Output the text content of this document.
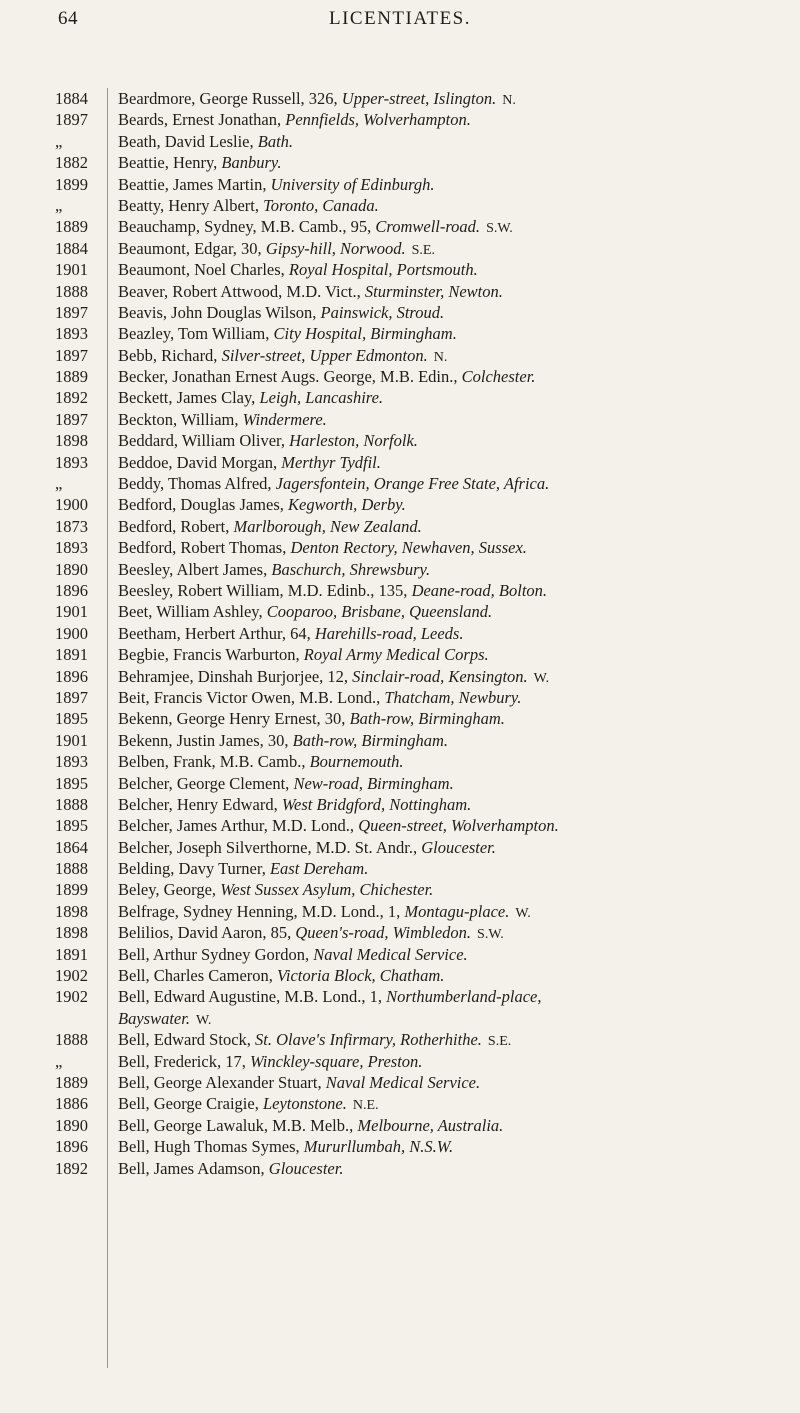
64	LICENTIATES.
1884	Beardmore, George Russell, 326, Upper-street, Islington. N.
1897	Beards, Ernest Jonathan, Pennfields, Wolverhampton.
„	Beath, David Leslie, Bath.
1882	Beattie, Henry, Banbury.
1899	Beattie, James Martin, University of Edinburgh.
„	Beatty, Henry Albert, Toronto, Canada.
1889	Beauchamp, Sydney, M.B. Camb., 95, Cromwell-road. S.W.
1884	Beaumont, Edgar, 30, Gipsy-hill, Norwood. S.E.
1901	Beaumont, Noel Charles, Royal Hospital, Portsmouth.
1888	Beaver, Robert Attwood, M.D. Vict., Sturminster, Newton.
1897	Beavis, John Douglas Wilson, Painswick, Stroud.
1893	Beazley, Tom William, City Hospital, Birmingham.
1897	Bebb, Richard, Silver-street, Upper Edmonton. N.
1889	Becker, Jonathan Ernest Augs. George, M.B. Edin., Colchester.
1892	Beckett, James Clay, Leigh, Lancashire.
1897	Beckton, William, Windermere.
1898	Beddard, William Oliver, Harleston, Norfolk.
1893	Beddoe, David Morgan, Merthyr Tydfil.
„	Beddy, Thomas Alfred, Jagersfontein, Orange Free State, Africa.
1900	Bedford, Douglas James, Kegworth, Derby.
1873	Bedford, Robert, Marlborough, New Zealand.
1893	Bedford, Robert Thomas, Denton Rectory, Newhaven, Sussex.
1890	Beesley, Albert James, Baschurch, Shrewsbury.
1896	Beesley, Robert William, M.D. Edinb., 135, Deane-road, Bolton.
1901	Beet, William Ashley, Cooparoo, Brisbane, Queensland.
1900	Beetham, Herbert Arthur, 64, Harehills-road, Leeds.
1891	Begbie, Francis Warburton, Royal Army Medical Corps.
1896	Behramjee, Dinshah Burjorjee, 12, Sinclair-road, Kensington. W.
1897	Beit, Francis Victor Owen, M.B. Lond., Thatcham, Newbury.
1895	Bekenn, George Henry Ernest, 30, Bath-row, Birmingham.
1901	Bekenn, Justin James, 30, Bath-row, Birmingham.
1893	Belben, Frank, M.B. Camb., Bournemouth.
1895	Belcher, George Clement, New-road, Birmingham.
1888	Belcher, Henry Edward, West Bridgford, Nottingham.
1895	Belcher, James Arthur, M.D. Lond., Queen-street, Wolverhampton.
1864	Belcher, Joseph Silverthorne, M.D. St. Andr., Gloucester.
1888	Belding, Davy Turner, East Dereham.
1899	Beley, George, West Sussex Asylum, Chichester.
1898	Belfrage, Sydney Henning, M.D. Lond., 1, Montagu-place. W.
1898	Belilios, David Aaron, 85, Queen's-road, Wimbledon. S.W.
1891	Bell, Arthur Sydney Gordon, Naval Medical Service.
1902	Bell, Charles Cameron, Victoria Block, Chatham.
1902	Bell, Edward Augustine, M.B. Lond., 1, Northumberland-place,
Bayswater. W.
1888	Bell, Edward Stock, St. Olave's Infirmary, Rotherhithe. S.E.
„	Bell, Frederick, 17, Winckley-square, Preston.
1889	Bell, George Alexander Stuart, Naval Medical Service.
1886	Bell, George Craigie, Leytonstone. N.E.
1890	Bell, George Lawaluk, M.B. Melb., Melbourne, Australia.
1896	Bell, Hugh Thomas Symes, Mururllumbah, N.S.W.
1892	Bell, James Adamson, Gloucester.
